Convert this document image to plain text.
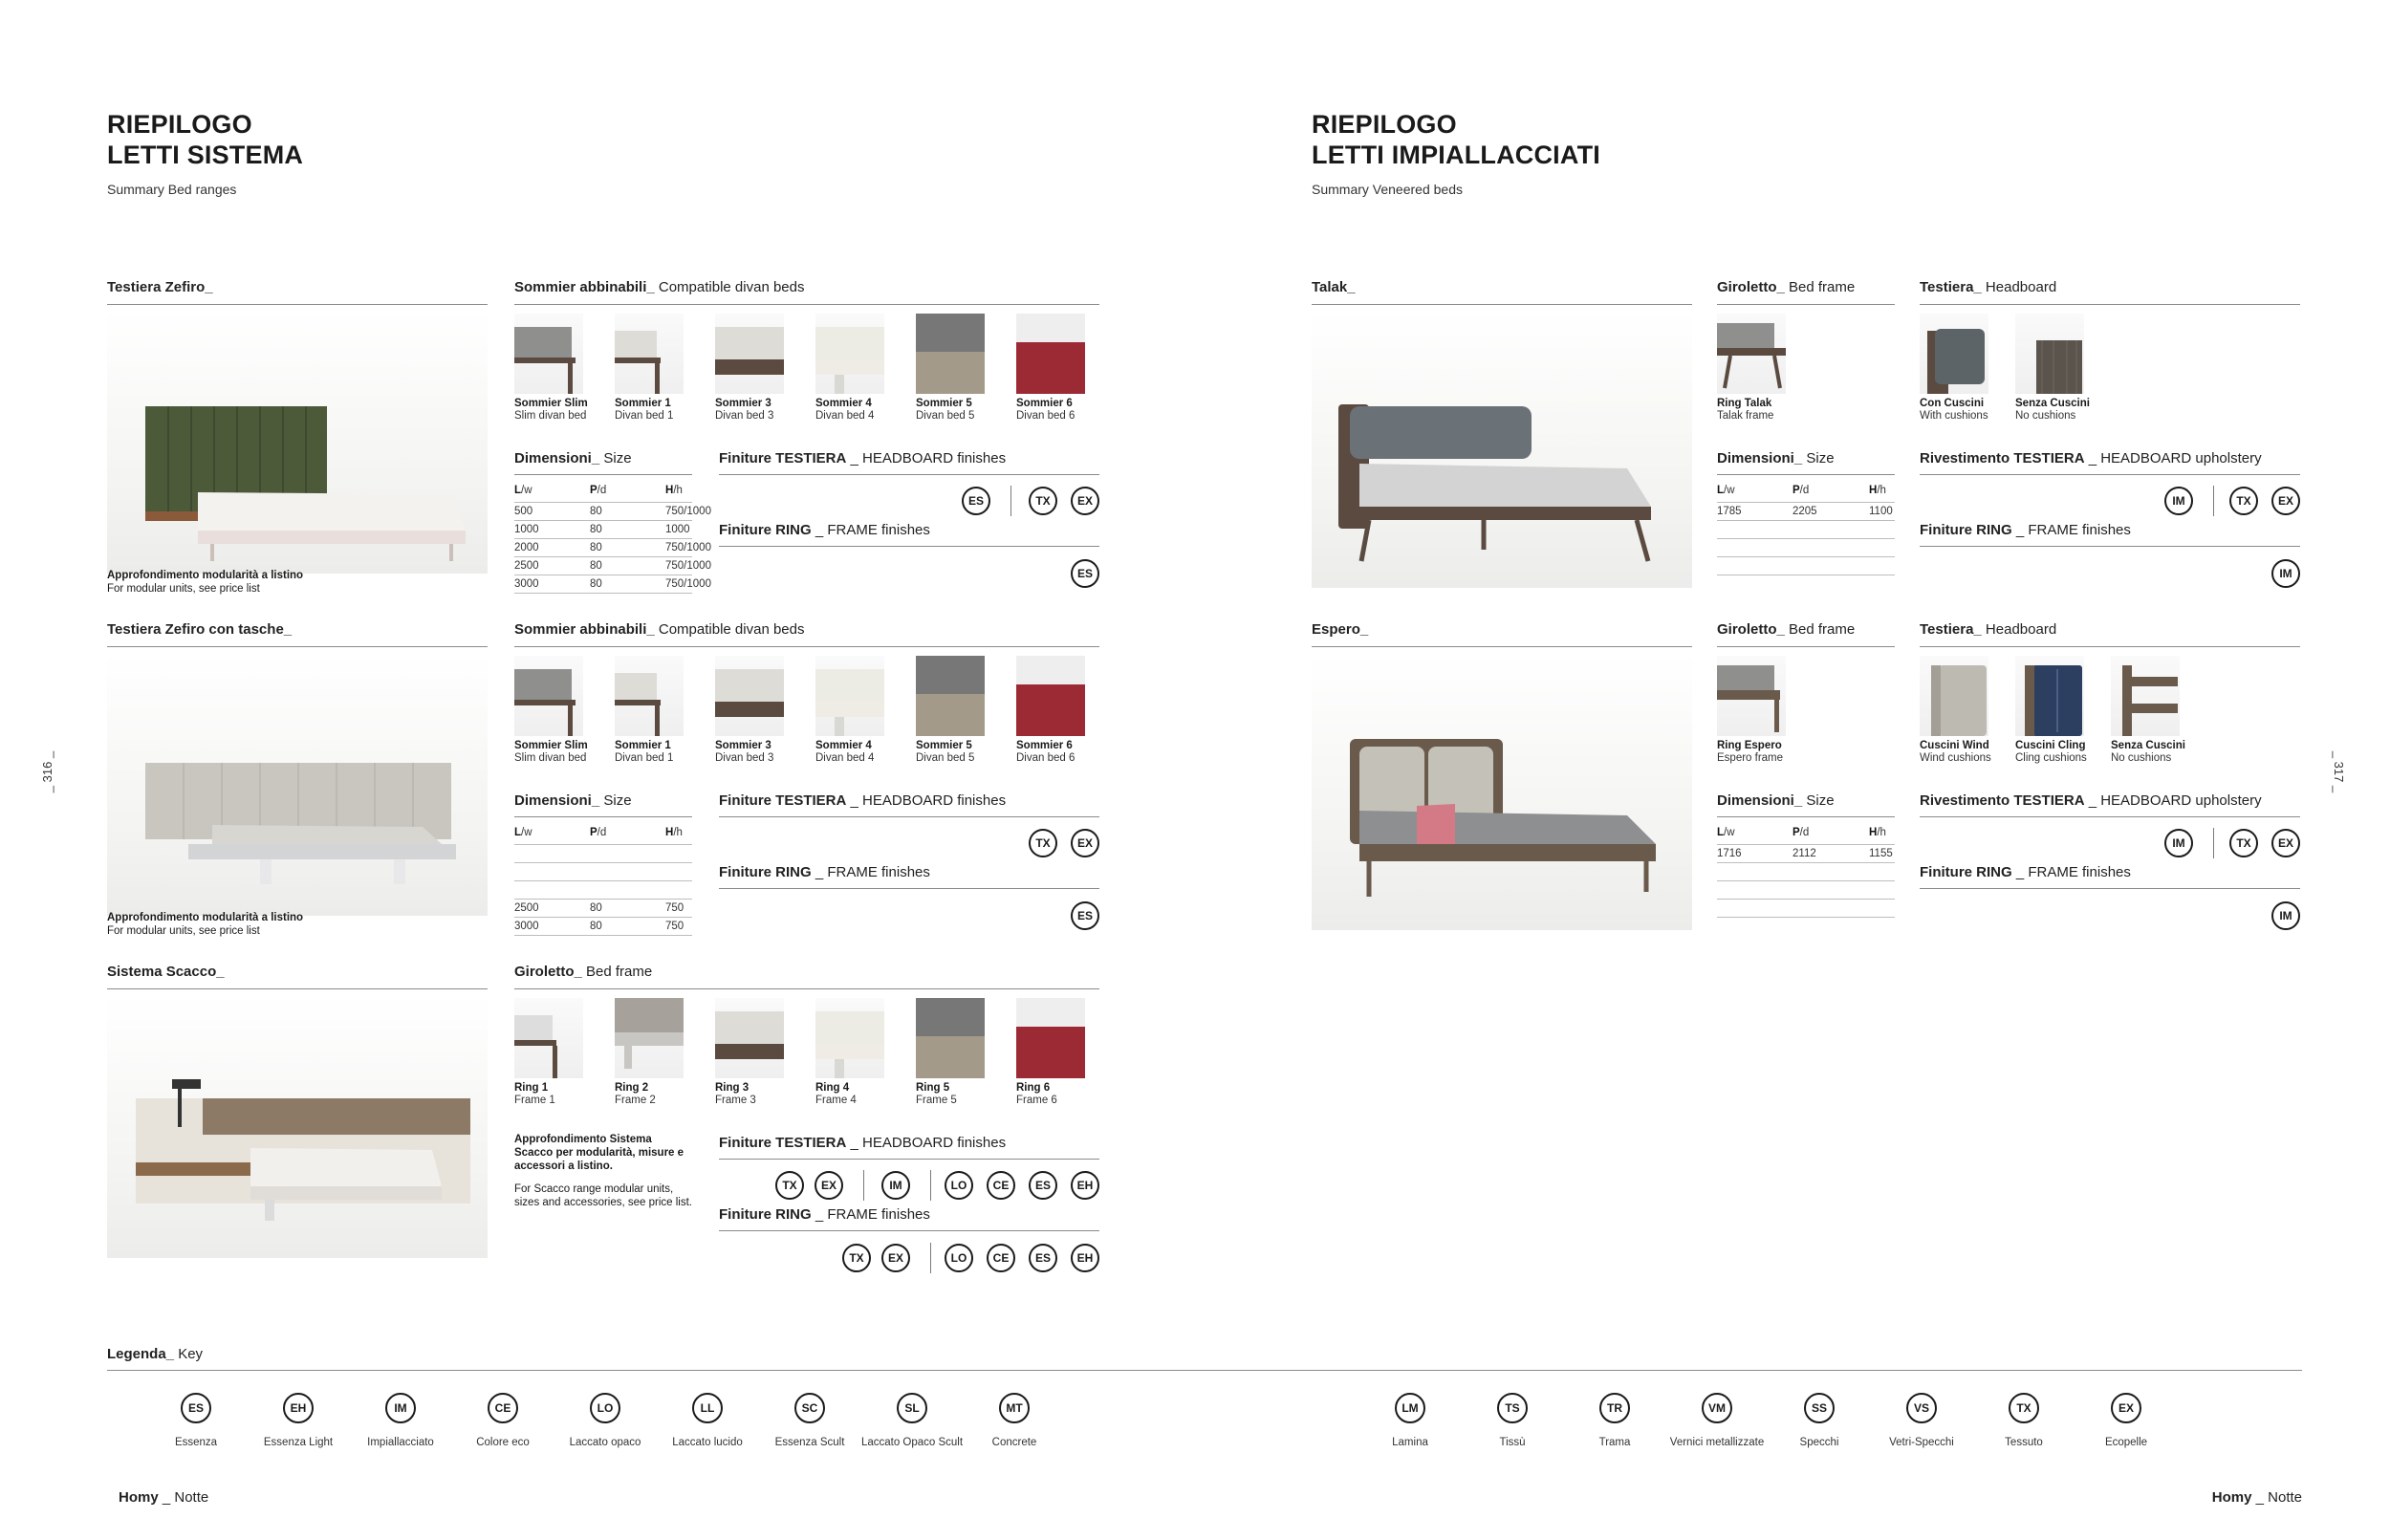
RIEPILOGO
LETTI SISTEMA
Summary Bed ranges
Testiera Zefiro_
Approfondimento modularità a listino
For modular units, see price list
Sommier abbinabili_ Compatible divan beds
Sommier Slim
Slim divan bed
Sommier 1
Divan bed 1
Sommier 3
Divan bed 3
Sommier 4
Divan bed 4
Sommier 5
Divan bed 5
Sommier 6
Divan bed 6
Dimensioni_ Size
L/w	P/d	H/h
500	80	750/1000
1000	80	1000
2000	80	750/1000
2500	80	750/1000
3000	80	750/1000
Finiture TESTIERA _ HEADBOARD finishes
ES	TX	EX
Finiture RING _ FRAME finishes
ES
Testiera Zefiro con tasche_
Approfondimento modularità a listino
For modular units, see price list
Sommier abbinabili_ Compatible divan beds
Sommier Slim
Slim divan bed
Sommier 1
Divan bed 1
Sommier 3
Divan bed 3
Sommier 4
Divan bed 4
Sommier 5
Divan bed 5
Sommier 6
Divan bed 6
Dimensioni_ Size
L/w	P/d	H/h
2500	80	750
3000	80	750
Finiture TESTIERA _ HEADBOARD finishes
TX	EX
Finiture RING _ FRAME finishes
ES
Sistema Scacco_	Giroletto_ Bed frame
Ring 1
Frame 1
Ring 2
Frame 2
Ring 3
Frame 3
Ring 4
Frame 4
Ring 5
Frame 5
Ring 6
Frame 6
Approfondimento Sistema
Scacco per modularità, misure e
accessori a listino.
For Scacco range modular units,
sizes and accessories, see price list.
Finiture TESTIERA _ HEADBOARD finishes
TX	EX	IM	LO	CE	ES	EH
Finiture RING _ FRAME finishes
TX	EX	LO	CE	ES	EH
RIEPILOGO
LETTI IMPIALLACCIATI
Summary Veneered beds
Talak_	Giroletto_ Bed frame
Ring Talak
Talak frame
Testiera_ Headboard
Con Cuscini
With cushions
Senza Cuscini
No cushions
Dimensioni_ Size
L/w	P/d	H/h
1785	2205	1100
Rivestimento TESTIERA _ HEADBOARD upholstery
IM	TX	EX
Finiture RING _ FRAME finishes
IM
Espero_	Giroletto_ Bed frame
Ring Espero
Espero frame
Testiera_ Headboard
Cuscini Wind
Wind cushions
Cuscini Cling
Cling cushions
Senza Cuscini
No cushions
Dimensioni_ Size
L/w	P/d	H/h
1716	2112	1155
Rivestimento TESTIERA _ HEADBOARD upholstery
IM	TX	EX
Finiture RING _ FRAME finishes
IM
_ 316 _	_ 317 _
Legenda_ Key
ES
Essenza
EH
Essenza Light
IM
Impiallacciato
CE
Colore eco
LO
Laccato opaco
LL
Laccato lucido
SC
Essenza Scult
SL
Laccato Opaco Scult
MT
Concrete
LM
Lamina
TS
Tissù
TR
Trama
VM
Vernici metallizzate
SS
Specchi
VS
Vetri-Specchi
TX
Tessuto
EX
Ecopelle
Homy _ Notte	Homy _ Notte
